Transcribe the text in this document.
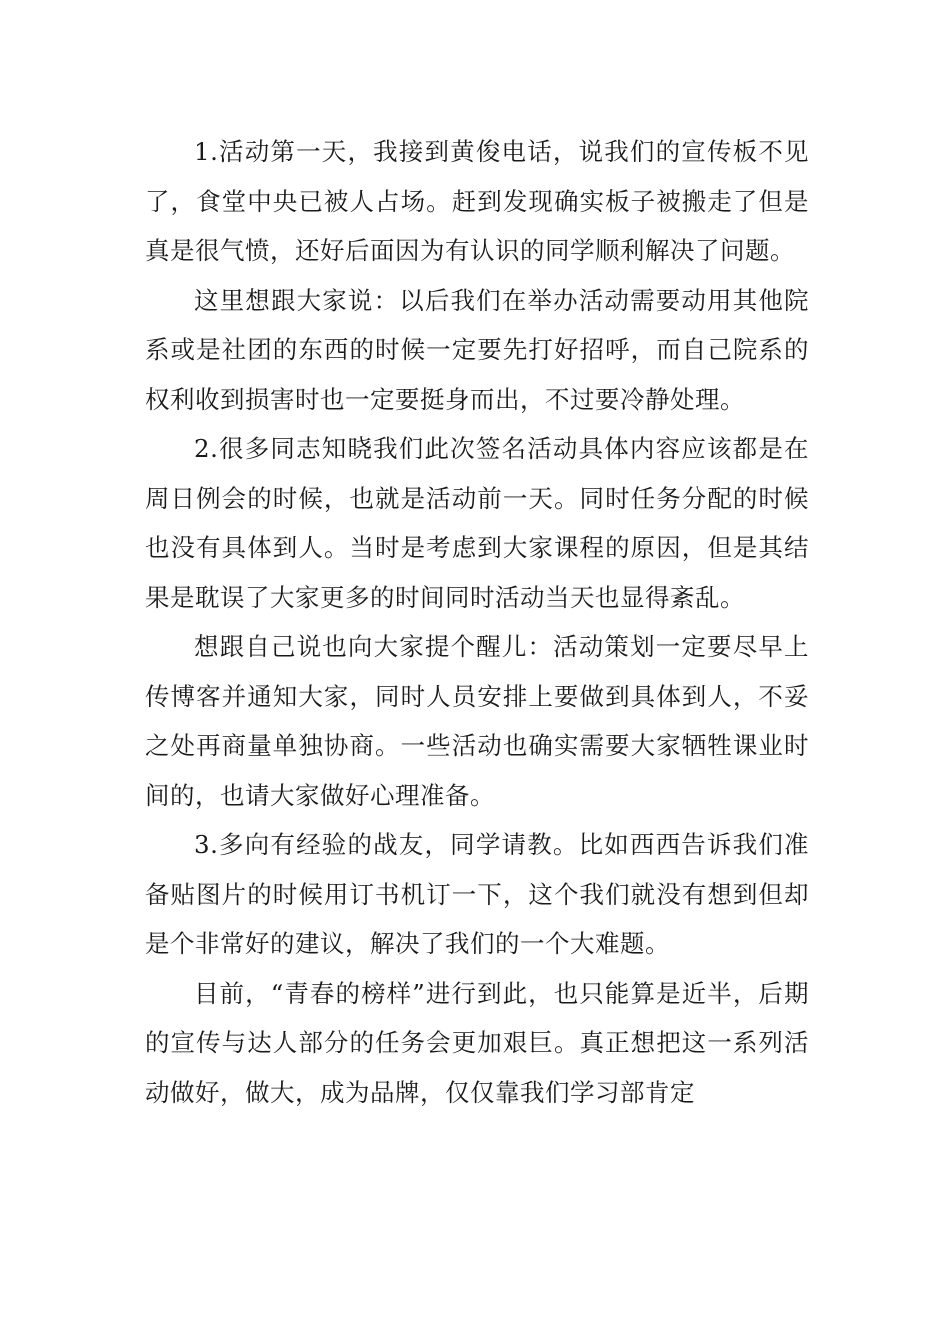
1.活动第一天，我接到黄俊电话，说我们的宣传板不见了，食堂中央已被人占场。赶到发现确实板子被搬走了但是真是很气愤，还好后面因为有认识的同学顺利解决了问题。

这里想跟大家说：以后我们在举办活动需要动用其他院系或是社团的东西的时候一定要先打好招呼，而自己院系的权利收到损害时也一定要挺身而出，不过要冷静处理。

2.很多同志知晓我们此次签名活动具体内容应该都是在周日例会的时候，也就是活动前一天。同时任务分配的时候也没有具体到人。当时是考虑到大家课程的原因，但是其结果是耽误了大家更多的时间同时活动当天也显得紊乱。

想跟自己说也向大家提个醒儿：活动策划一定要尽早上传博客并通知大家，同时人员安排上要做到具体到人，不妥之处再商量单独协商。一些活动也确实需要大家牺牲课业时间的，也请大家做好心理准备。

3.多向有经验的战友，同学请教。比如西西告诉我们准备贴图片的时候用订书机订一下，这个我们就没有想到但却是个非常好的建议，解决了我们的一个大难题。

目前，“青春的榜样”进行到此，也只能算是近半，后期的宣传与达人部分的任务会更加艰巨。真正想把这一系列活动做好，做大，成为品牌，仅仅靠我们学习部肯定
